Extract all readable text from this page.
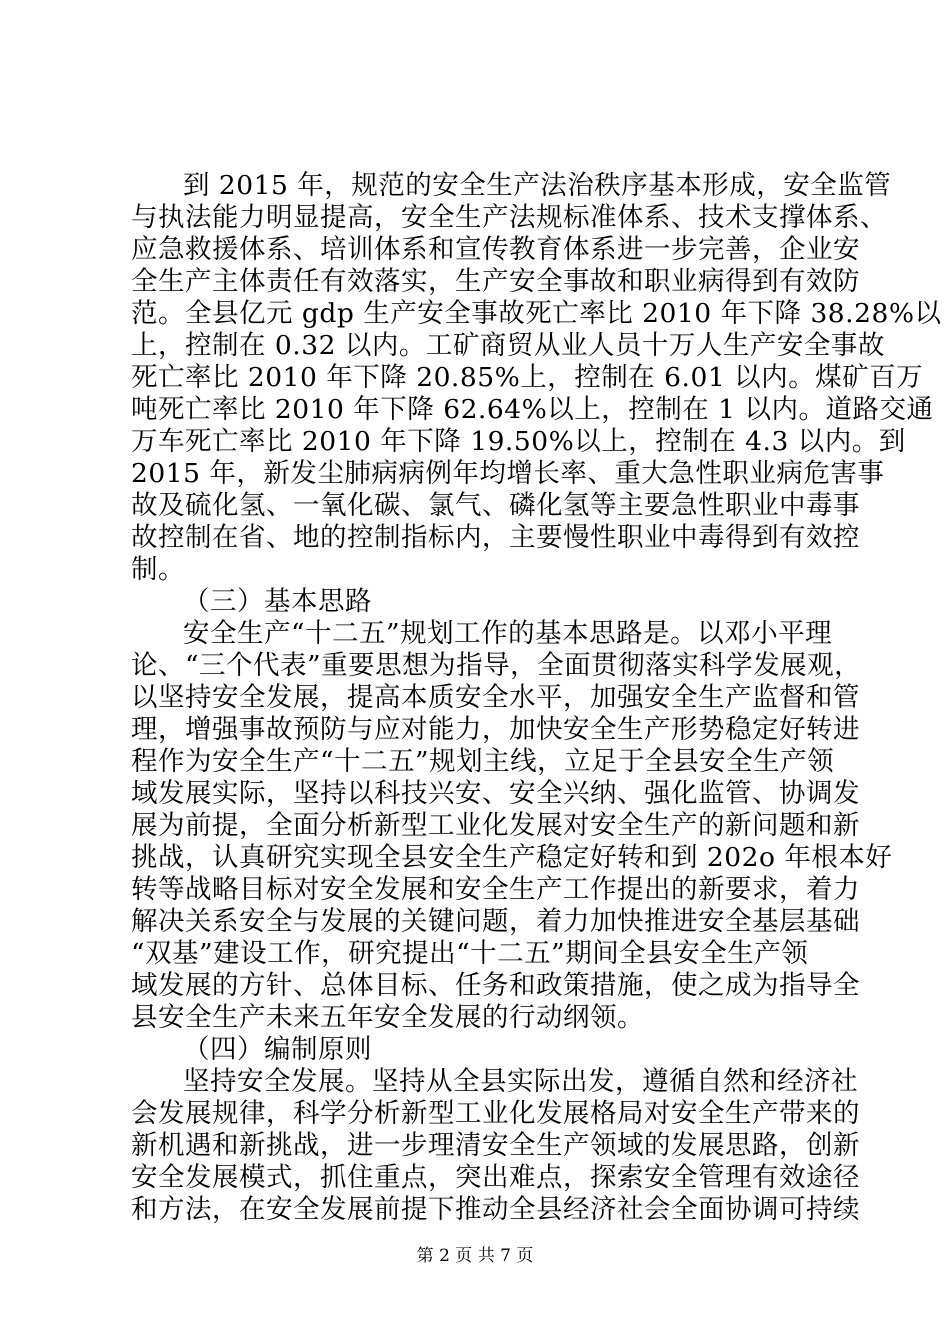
到 2015 年，规范的安全生产法治秩序基本形成，安全监管
与执法能力明显提高，安全生产法规标准体系、技术支撑体系、
应急救援体系、培训体系和宣传教育体系进一步完善，企业安
全生产主体责任有效落实，生产安全事故和职业病得到有效防
范。全县亿元 gdp 生产安全事故死亡率比 2010 年下降 38.28%以
上，控制在 0.32 以内。工矿商贸从业人员十万人生产安全事故
死亡率比 2010 年下降 20.85%上，控制在 6.01 以内。煤矿百万
吨死亡率比 2010 年下降 62.64%以上，控制在 1 以内。道路交通
万车死亡率比 2010 年下降 19.50%以上，控制在 4.3 以内。到
2015 年，新发尘肺病病例年均增长率、重大急性职业病危害事
故及硫化氢、一氧化碳、氯气、磷化氢等主要急性职业中毒事
故控制在省、地的控制指标内，主要慢性职业中毒得到有效控
制。
（三）基本思路
安全生产“十二五”规划工作的基本思路是。以邓小平理
论、“三个代表”重要思想为指导，全面贯彻落实科学发展观，
以坚持安全发展，提高本质安全水平，加强安全生产监督和管
理，增强事故预防与应对能力，加快安全生产形势稳定好转进
程作为安全生产“十二五”规划主线，立足于全县安全生产领
域发展实际，坚持以科技兴安、安全兴纳、强化监管、协调发
展为前提，全面分析新型工业化发展对安全生产的新问题和新
挑战，认真研究实现全县安全生产稳定好转和到 202o 年根本好
转等战略目标对安全发展和安全生产工作提出的新要求，着力
解决关系安全与发展的关键问题，着力加快推进安全基层基础
“双基”建设工作，研究提出“十二五”期间全县安全生产领
域发展的方针、总体目标、任务和政策措施，使之成为指导全
县安全生产未来五年安全发展的行动纲领。
（四）编制原则
坚持安全发展。坚持从全县实际出发，遵循自然和经济社
会发展规律，科学分析新型工业化发展格局对安全生产带来的
新机遇和新挑战，进一步理清安全生产领域的发展思路，创新
安全发展模式，抓住重点，突出难点，探索安全管理有效途径
和方法，在安全发展前提下推动全县经济社会全面协调可持续
第 2 页 共 7 页
